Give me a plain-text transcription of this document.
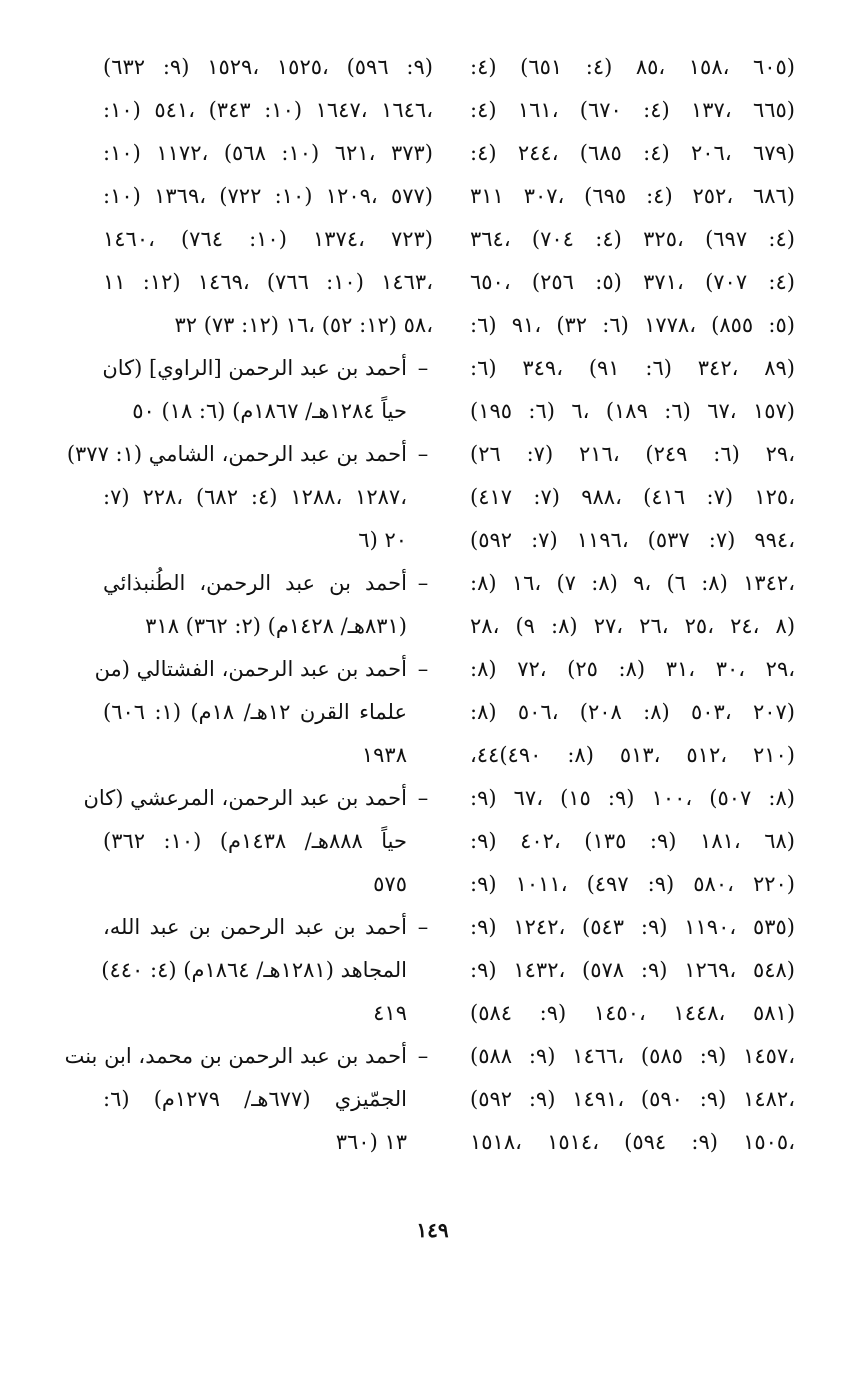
(٦٠٥ ،١٥٨ ،٨٥ (٤: ٦٥١) (٤:
(٦٦٥ ،١٣٧ (٤: ٦٧٠) ،١٦١ (٤:
(٦٧٩ ،٢٠٦ (٤: ٦٨٥) ،٢٤٤ (٤:
(٦٨٦ ،٢٥٢ (٤: ٦٩٥) ،٣٠٧ ٣١١
(٤: ٦٩٧) ،٣٢٥ (٤: ٧٠٤) ،٣٦٤
(٤: ٧٠٧) ،٣٧١ (٥: ٢٥٦) ،٦٥٠
(٥: ٨٥٥) ،١٧٧٨ (٦: ٣٢) ،٩١ (٦:
(٨٩ ،٣٤٢ (٦: ٩١) ،٣٤٩ (٦:
(١٥٧ ،٦٧ (٦: ١٨٩) ،٦ (٦: ١٩٥)
،٢٩ (٦: ٢٤٩) ،٢١٦ (٧: ٢٦)
،١٢٥ (٧: ٤١٦) ،٩٨٨ (٧: ٤١٧)
،٩٩٤ (٧: ٥٣٧) ،١١٩٦ (٧: ٥٩٢)
،١٣٤٢ (٨: ٦) ،٩ (٨: ٧) ،١٦ (٨:
(٨ ،٢٤ ،٢٥ ،٢٦ ،٢٧ (٨: ٩) ،٢٨
،٢٩ ،٣٠ ،٣١ (٨: ٢٥) ،٧٢ (٨:
(٢٠٧ ،٥٠٣ (٨: ٢٠٨) ،٥٠٦ (٨:
(٢١٠ ،٥١٢ ،٥١٣ (٨: ٤٩٠)٤٤،
(٨: ٥٠٧) ،١٠٠ (٩: ١٥) ،٦٧ (٩:
(٦٨ ،١٨١ (٩: ١٣٥) ،٤٠٢ (٩:
(٢٢٠ ،٥٨٠ (٩: ٤٩٧) ،١٠١١ (٩:
(٥٣٥ ،١١٩٠ (٩: ٥٤٣) ،١٢٤٢ (٩:
(٥٤٨ ،١٢٦٩ (٩: ٥٧٨) ،١٤٣٢ (٩:
(٥٨١ ،١٤٤٨ ،١٤٥٠ (٩: ٥٨٤)
،١٤٥٧ (٩: ٥٨٥) ،١٤٦٦ (٩: ٥٨٨)
،١٤٨٢ (٩: ٥٩٠) ،١٤٩١ (٩: ٥٩٢)
،١٥٠٥ (٩: ٥٩٤) ،١٥١٤ ،١٥١٨
(٩: ٥٩٦) ،١٥٢٥ ،١٥٢٩ (٩: ٦٣٢)
،١٦٤٦ ،١٦٤٧ (١٠: ٣٤٣) ،٥٤١ (١٠:
(٣٧٣ ،٦٢١ (١٠: ٥٦٨) ،١١٧٢ (١٠:
(٥٧٧ ،١٢٠٩ (١٠: ٧٢٢) ،١٣٦٩ (١٠:
(٧٢٣ ،١٣٧٤ (١٠: ٧٦٤) ،١٤٦٠
،١٤٦٣ (١٠: ٧٦٦) ،١٤٦٩ (١٢: ١١
،٥٨ (١٢: ٥٢) ،١٦ (١٢: ٧٣) ٣٢
–
أحمد بن عبد الرحمن [الراوي] (كان
حياً ١٢٨٤هـ/ ١٨٦٧م) (٦: ١٨) ٥٠
–
أحمد بن عبد الرحمن، الشامي (١: ٣٧٧)
،١٢٨٧ ،١٢٨٨ (٤: ٦٨٢) ،٢٢٨ (٧:
٢٠ (٦
–
أحمد بن عبد الرحمن، الطُنبذائي
(٨٣١هـ/ ١٤٢٨م) (٢: ٣٦٢) ٣١٨
–
أحمد بن عبد الرحمن، الفشتالي (من
علماء القرن ١٢هـ/ ١٨م) (١: ٦٠٦)
١٩٣٨
–
أحمد بن عبد الرحمن، المرعشي (كان
حياً ٨٨٨هـ/ ١٤٣٨م) (١٠: ٣٦٢)
٥٧٥
–
أحمد بن عبد الرحمن بن عبد الله،
المجاهد (١٢٨١هـ/ ١٨٦٤م) (٤: ٤٤٠)
٤١٩
–
أحمد بن عبد الرحمن بن محمد، ابن بنت
الجمّيزي (٦٧٧هـ/ ١٢٧٩م) (٦:
١٣ (٣٦٠
١٤٩
